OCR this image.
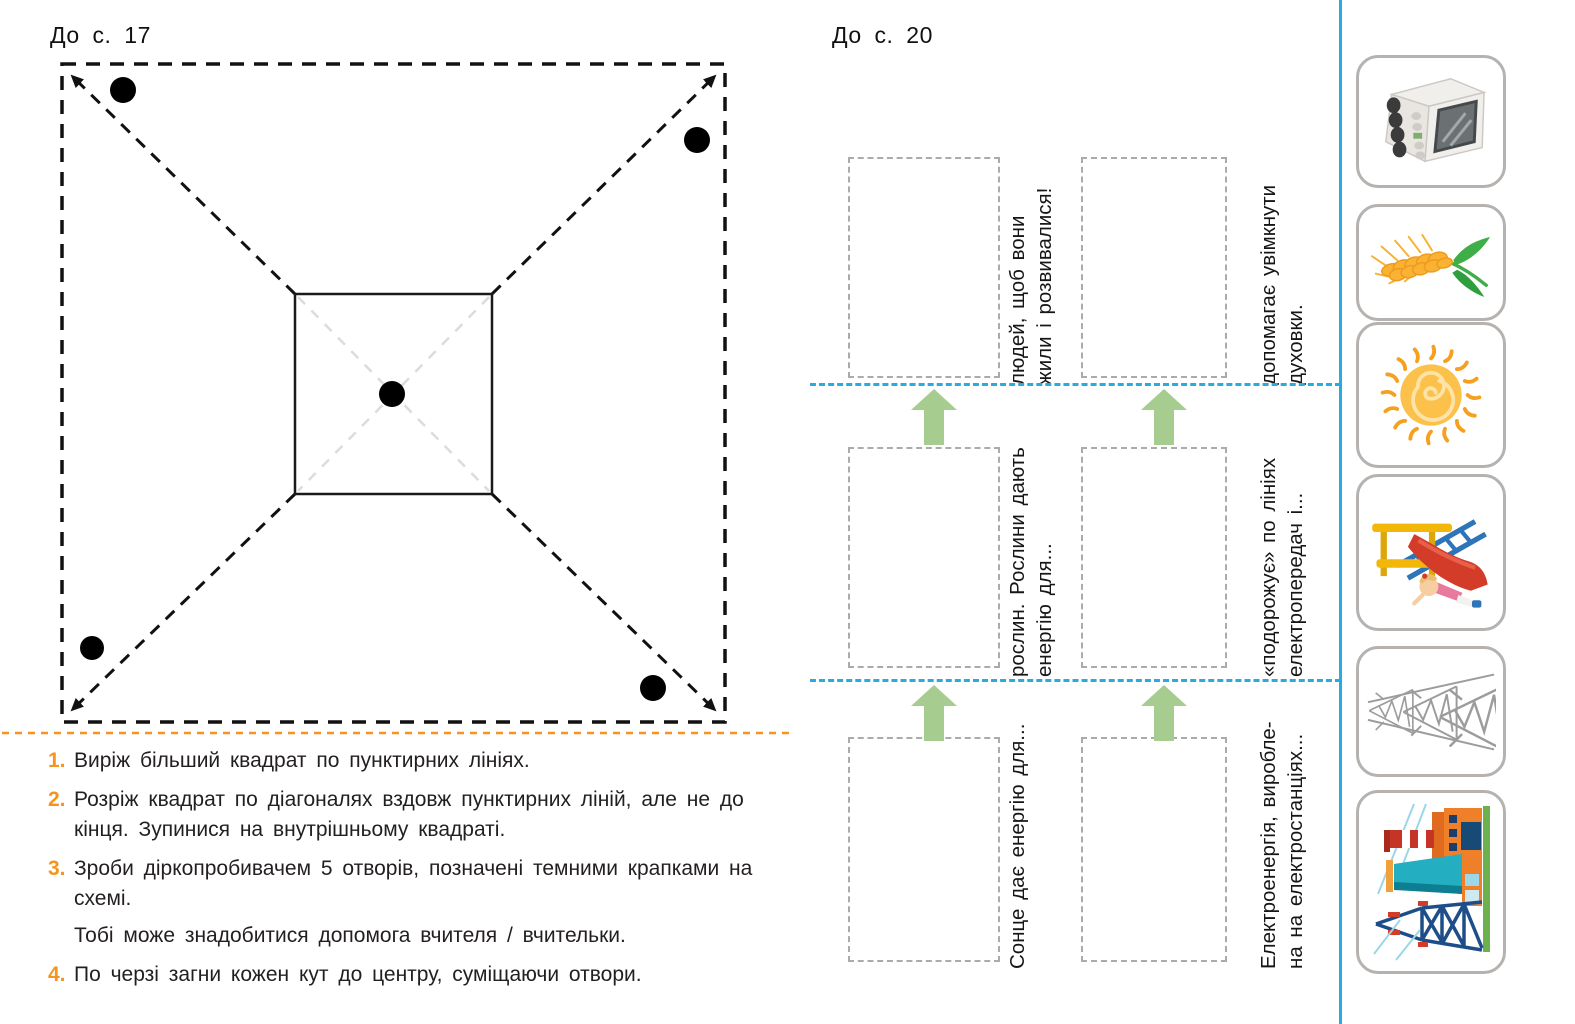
До с. 17
1. Виріж більший квадрат по пунктирних лініях.
2. Розріж квадрат по діагоналях вздовж пунктирних ліній, але не до кінця. Зупинися на внутрішньому квадраті.
3. Зроби діркопробивачем 5 отворів, позначені темними крапками на схемі.
Тобі може знадобитися допомога вчителя / вчительки.
4. По черзі загни кожен кут до центру, суміщаючи отвори.
До с. 20
людей, щоб вони жили і розвивалися!	допомагає увімкнути духовки.
рослин. Рослини дають енергію для...	«подорожує» по лініях електропередач і...
Сонце дає енергію для...	Електроенергія, виробле- на на електростанціях...
